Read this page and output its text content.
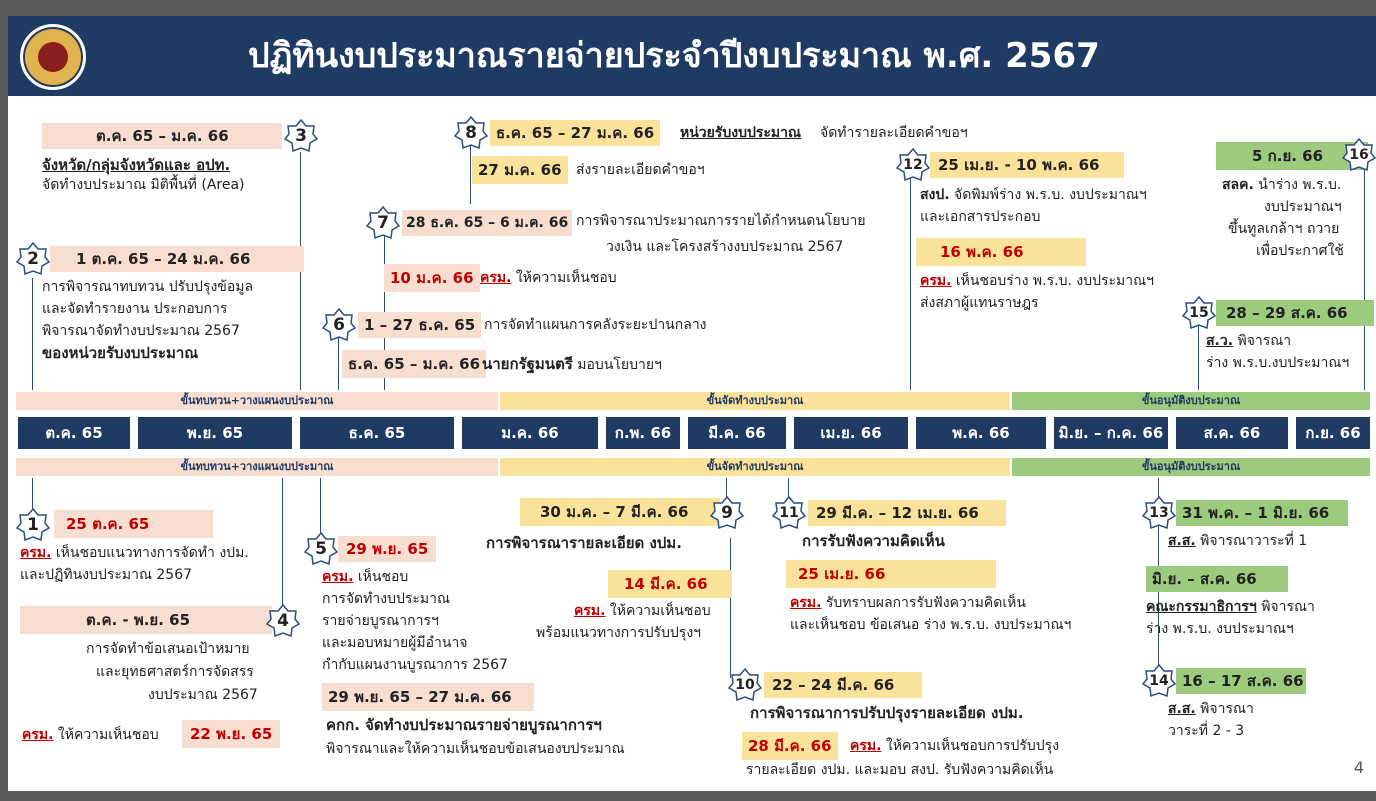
ปฏิทินงบประมาณรายจ่ายประจำปีงบประมาณ พ.ศ. 2567
ขั้นทบทวน+วางแผนงบประมาณ	ขั้นจัดทำงบประมาณ	ขั้นอนุมัติงบประมาณ
ต.ค. 65	พ.ย. 65	ธ.ค. 65	ม.ค. 66	ก.พ. 66	มี.ค. 66	เม.ย. 66	พ.ค. 66	มิ.ย. – ก.ค. 66	ส.ค. 66	ก.ย. 66
ขั้นทบทวน+วางแผนงบประมาณ	ขั้นจัดทำงบประมาณ	ขั้นอนุมัติงบประมาณ
ต.ค. 65 – ม.ค. 66	3
จังหวัด/กลุ่มจังหวัดและ อปท.
จัดทำงบประมาณ มิติพื้นที่ (Area)
8	ธ.ค. 65 – 27 ม.ค. 66	หน่วยรับงบประมาณ จัดทำรายละเอียดคำขอฯ
27 ม.ค. 66	ส่งรายละเอียดคำขอฯ	12	25 เม.ย. - 10 พ.ค. 66
สงป. จัดพิมพ์ร่าง พ.ร.บ. งบประมาณฯ
และเอกสารประกอบ
16 พ.ค. 66
ครม. เห็นชอบร่าง พ.ร.บ. งบประมาณฯ
ส่งสภาผู้แทนราษฎร
5 ก.ย. 66	16
สลค. นำร่าง พ.ร.บ.
งบประมาณฯ
ขึ้นทูลเกล้าฯ ถวาย
เพื่อประกาศใช้
7	28 ธ.ค. 65 – 6 ม.ค. 66 การพิจารณาประมาณการรายได้กำหนดนโยบาย
วงเงิน และโครงสร้างงบประมาณ 2567
10 ม.ค. 66 ครม. ให้ความเห็นชอบ
2	1 ต.ค. 65 – 24 ม.ค. 66
การพิจารณาทบทวน ปรับปรุงข้อมูล
และจัดทำรายงาน ประกอบการ
พิจารณาจัดทำงบประมาณ 2567
ของหน่วยรับงบประมาณ
6	1 – 27 ธ.ค. 65 การจัดทำแผนการคลังระยะปานกลาง
ธ.ค. 65 – ม.ค. 66 นายกรัฐมนตรี มอบนโยบายฯ
15	28 – 29 ส.ค. 66
ส.ว. พิจารณา
ร่าง พ.ร.บ.งบประมาณฯ
1	25 ต.ค. 65
ครม. เห็นชอบแนวทางการจัดทำ งปม.
และปฏิทินงบประมาณ 2567
ต.ค. - พ.ย. 65	4
การจัดทำข้อเสนอเป้าหมาย
และยุทธศาสตร์การจัดสรร
งบประมาณ 2567
ครม. ให้ความเห็นชอบ	22 พ.ย. 65
5	29 พ.ย. 65
ครม. เห็นชอบ
การจัดทำงบประมาณ
รายจ่ายบูรณาการฯ
และมอบหมายผู้มีอำนาจ
กำกับแผนงานบูรณาการ 2567
29 พ.ย. 65 – 27 ม.ค. 66
คกก. จัดทำงบประมาณรายจ่ายบูรณาการฯ
พิจารณาและให้ความเห็นชอบข้อเสนองบประมาณ
30 ม.ค. – 7 มี.ค. 66	9
การพิจารณารายละเอียด งปม.
14 มี.ค. 66
ครม. ให้ความเห็นชอบ
พร้อมแนวทางการปรับปรุงฯ
10	22 – 24 มี.ค. 66
การพิจารณาการปรับปรุงรายละเอียด งปม.
28 มี.ค. 66	ครม. ให้ความเห็นชอบการปรับปรุง
รายละเอียด งปม. และมอบ สงป. รับฟังความคิดเห็น
11	29 มี.ค. – 12 เม.ย. 66
การรับฟังความคิดเห็น
25 เม.ย. 66
ครม. รับทราบผลการรับฟังความคิดเห็น
และเห็นชอบ ข้อเสนอ ร่าง พ.ร.บ. งบประมาณฯ
13 31 พ.ค. – 1 มิ.ย. 66
ส.ส. พิจารณาวาระที่ 1
มิ.ย. – ส.ค. 66
คณะกรรมาธิการฯ พิจารณา
ร่าง พ.ร.บ. งบประมาณฯ
14 16 – 17 ส.ค. 66
ส.ส. พิจารณา
วาระที่ 2 - 3
4
